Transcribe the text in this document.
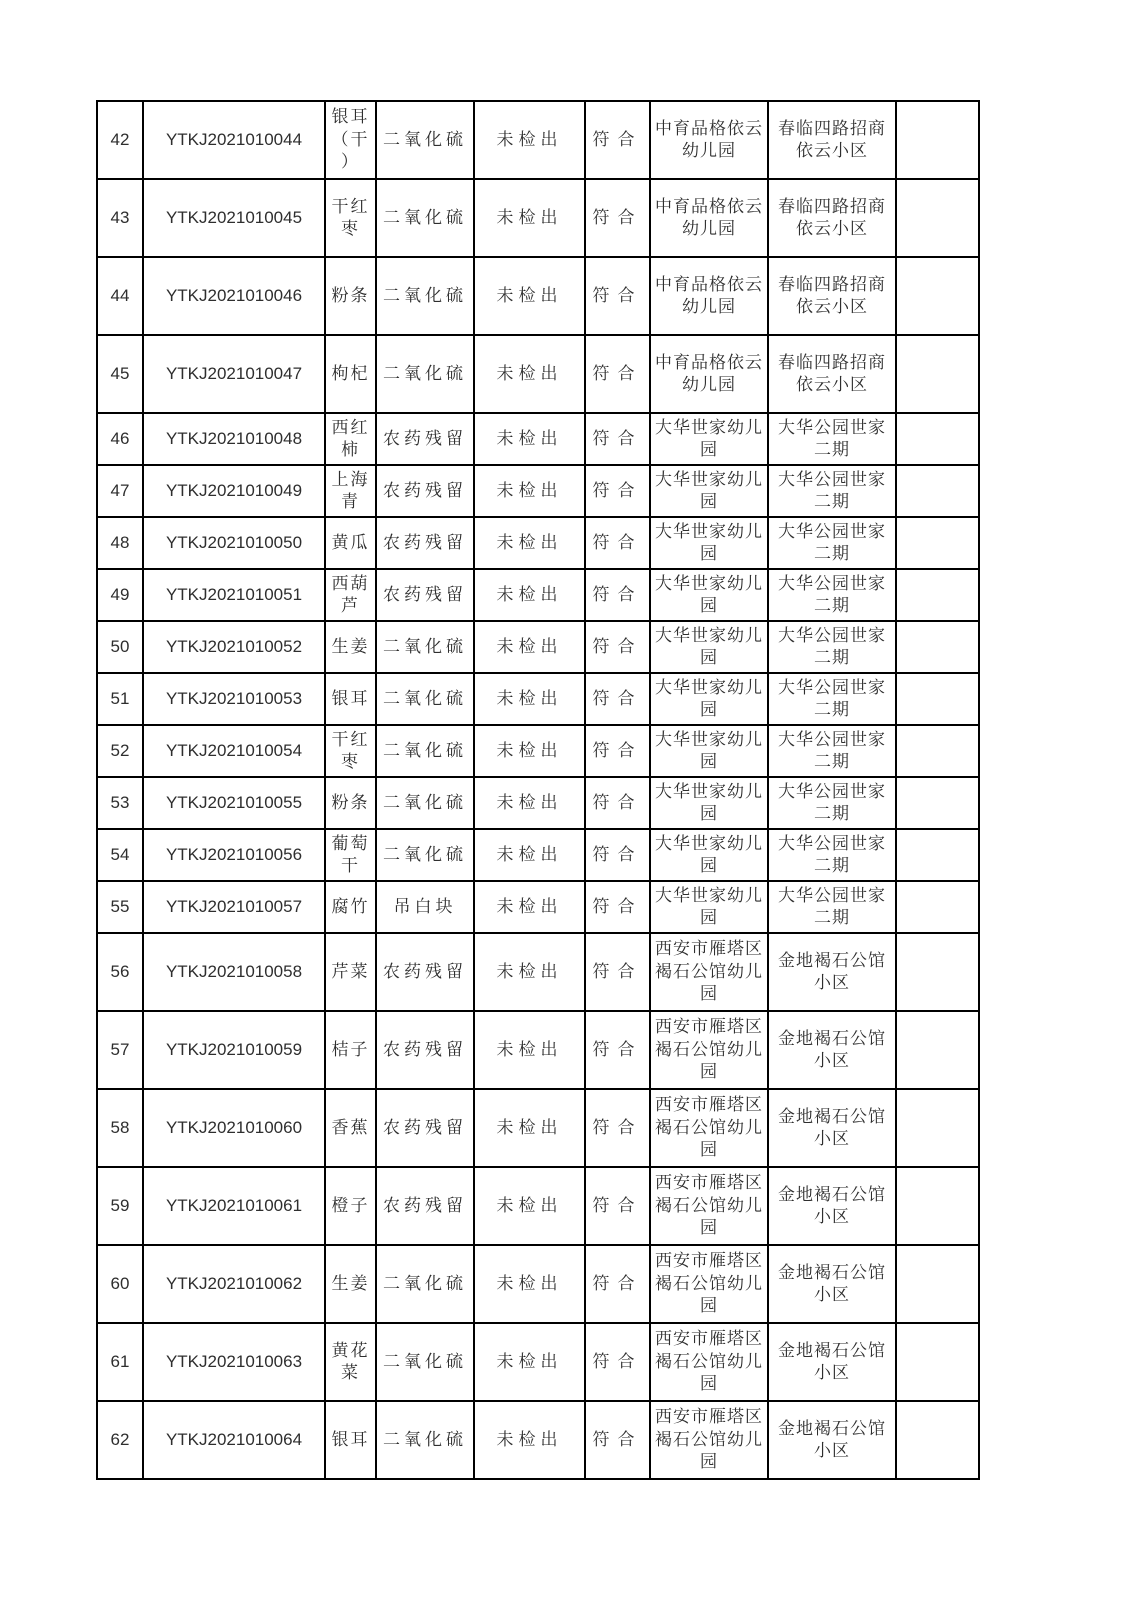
42	YTKJ2021010044	银耳（干）	二氧化硫	未检出	符合	中育品格依云幼儿园	春临四路招商依云小区	
43	YTKJ2021010045	干红枣	二氧化硫	未检出	符合	中育品格依云幼儿园	春临四路招商依云小区	
44	YTKJ2021010046	粉条	二氧化硫	未检出	符合	中育品格依云幼儿园	春临四路招商依云小区	
45	YTKJ2021010047	枸杞	二氧化硫	未检出	符合	中育品格依云幼儿园	春临四路招商依云小区	
46	YTKJ2021010048	西红柿	农药残留	未检出	符合	大华世家幼儿园	大华公园世家二期	
47	YTKJ2021010049	上海青	农药残留	未检出	符合	大华世家幼儿园	大华公园世家二期	
48	YTKJ2021010050	黄瓜	农药残留	未检出	符合	大华世家幼儿园	大华公园世家二期	
49	YTKJ2021010051	西葫芦	农药残留	未检出	符合	大华世家幼儿园	大华公园世家二期	
50	YTKJ2021010052	生姜	二氧化硫	未检出	符合	大华世家幼儿园	大华公园世家二期	
51	YTKJ2021010053	银耳	二氧化硫	未检出	符合	大华世家幼儿园	大华公园世家二期	
52	YTKJ2021010054	干红枣	二氧化硫	未检出	符合	大华世家幼儿园	大华公园世家二期	
53	YTKJ2021010055	粉条	二氧化硫	未检出	符合	大华世家幼儿园	大华公园世家二期	
54	YTKJ2021010056	葡萄干	二氧化硫	未检出	符合	大华世家幼儿园	大华公园世家二期	
55	YTKJ2021010057	腐竹	吊白块	未检出	符合	大华世家幼儿园	大华公园世家二期	
56	YTKJ2021010058	芹菜	农药残留	未检出	符合	西安市雁塔区褐石公馆幼儿园	金地褐石公馆小区	
57	YTKJ2021010059	桔子	农药残留	未检出	符合	西安市雁塔区褐石公馆幼儿园	金地褐石公馆小区	
58	YTKJ2021010060	香蕉	农药残留	未检出	符合	西安市雁塔区褐石公馆幼儿园	金地褐石公馆小区	
59	YTKJ2021010061	橙子	农药残留	未检出	符合	西安市雁塔区褐石公馆幼儿园	金地褐石公馆小区	
60	YTKJ2021010062	生姜	二氧化硫	未检出	符合	西安市雁塔区褐石公馆幼儿园	金地褐石公馆小区	
61	YTKJ2021010063	黄花菜	二氧化硫	未检出	符合	西安市雁塔区褐石公馆幼儿园	金地褐石公馆小区	
62	YTKJ2021010064	银耳	二氧化硫	未检出	符合	西安市雁塔区褐石公馆幼儿园	金地褐石公馆小区	
